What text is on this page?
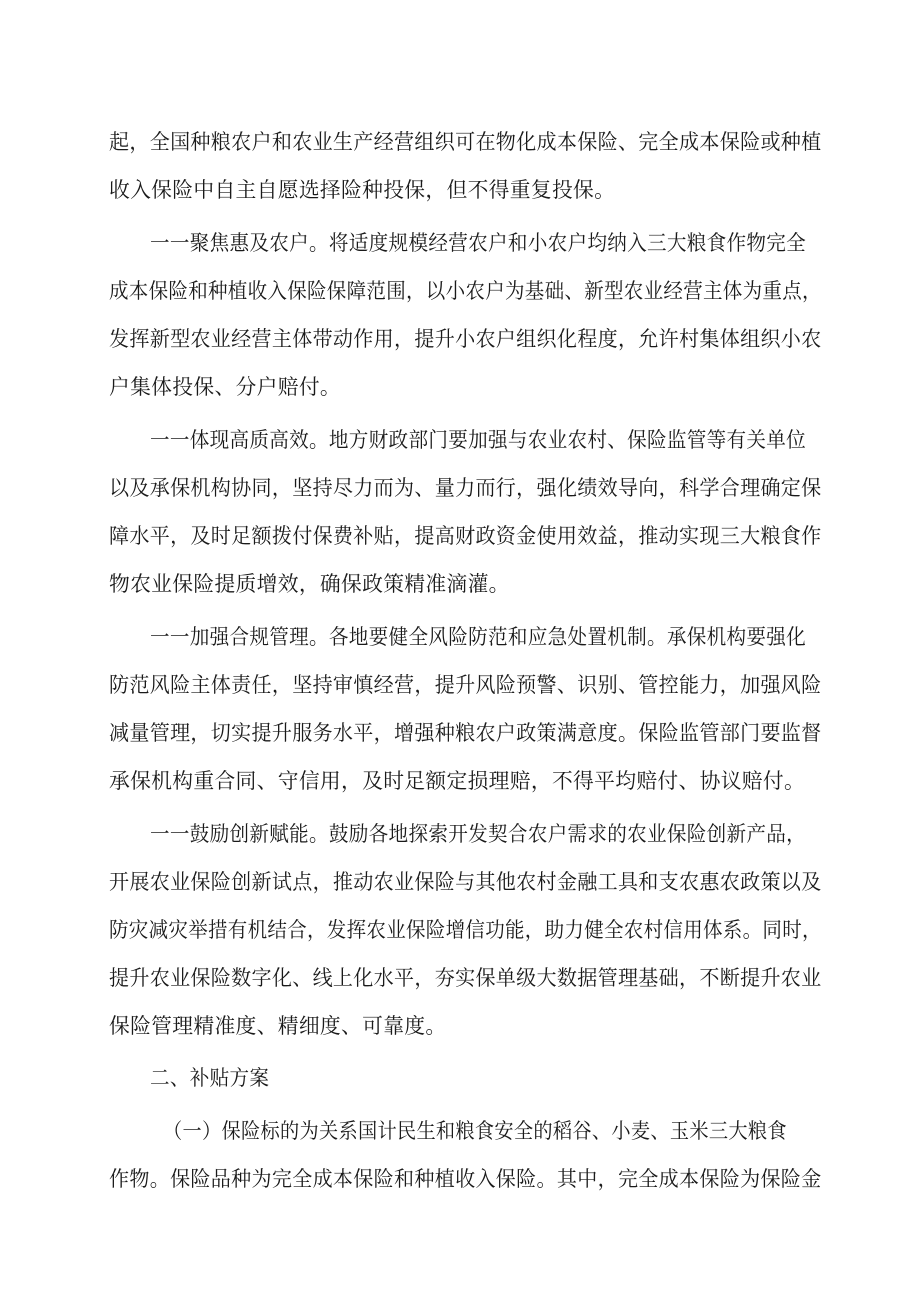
起，全国种粮农户和农业生产经营组织可在物化成本保险、完全成本保险或种植
收入保险中自主自愿选择险种投保，但不得重复投保。
一一聚焦惠及农户。将适度规模经营农户和小农户均纳入三大粮食作物完全
成本保险和种植收入保险保障范围，以小农户为基础、新型农业经营主体为重点，
发挥新型农业经营主体带动作用，提升小农户组织化程度，允许村集体组织小农
户集体投保、分户赔付。
一一体现高质高效。地方财政部门要加强与农业农村、保险监管等有关单位
以及承保机构协同，坚持尽力而为、量力而行，强化绩效导向，科学合理确定保
障水平，及时足额拨付保费补贴，提高财政资金使用效益，推动实现三大粮食作
物农业保险提质增效，确保政策精准滴灌。
一一加强合规管理。各地要健全风险防范和应急处置机制。承保机构要强化
防范风险主体责任，坚持审慎经营，提升风险预警、识别、管控能力，加强风险
减量管理，切实提升服务水平，增强种粮农户政策满意度。保险监管部门要监督
承保机构重合同、守信用，及时足额定损理赔，不得平均赔付、协议赔付。
一一鼓励创新赋能。鼓励各地探索开发契合农户需求的农业保险创新产品，
开展农业保险创新试点，推动农业保险与其他农村金融工具和支农惠农政策以及
防灾减灾举措有机结合，发挥农业保险增信功能，助力健全农村信用体系。同时，
提升农业保险数字化、线上化水平，夯实保单级大数据管理基础，不断提升农业
保险管理精准度、精细度、可靠度。
二、补贴方案
（一）保险标的为关系国计民生和粮食安全的稻谷、小麦、玉米三大粮食
作物。保险品种为完全成本保险和种植收入保险。其中，完全成本保险为保险金
